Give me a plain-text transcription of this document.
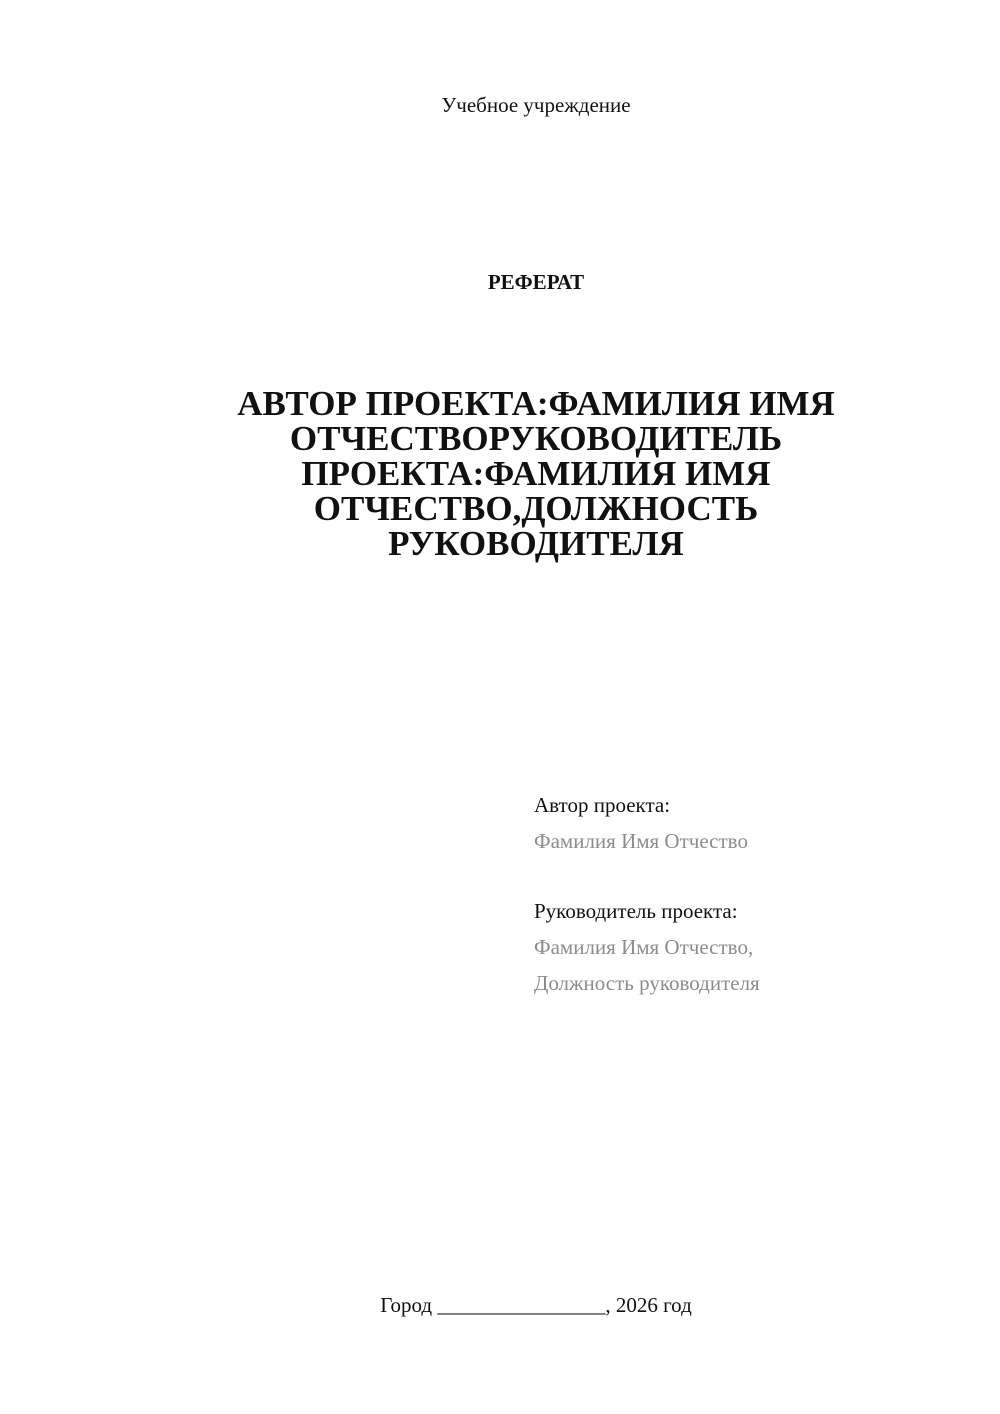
Учебное учреждение
РЕФЕРАТ
АВТОР ПРОЕКТА:ФАМИЛИЯ ИМЯ
ОТЧЕСТВОРУКОВОДИТЕЛЬ
ПРОЕКТА:ФАМИЛИЯ ИМЯ
ОТЧЕСТВО,ДОЛЖНОСТЬ
РУКОВОДИТЕЛЯ
Автор проекта:
Фамилия Имя Отчество
Руководитель проекта:
Фамилия Имя Отчество,
Должность руководителя
Город ________________, 2026 год
